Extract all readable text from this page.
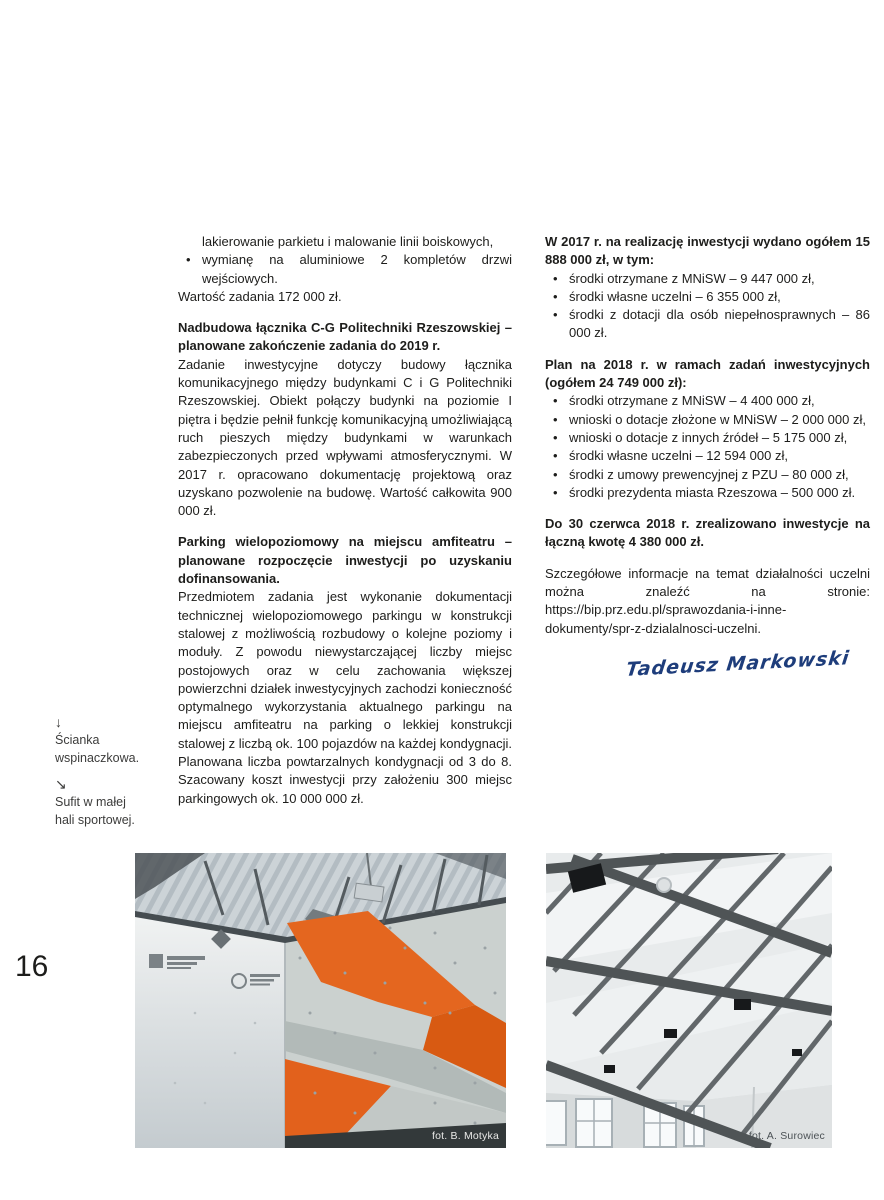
16
↓
Ścianka wspinaczkowa.
↘
Sufit w małej hali sportowej.
lakierowanie parkietu i malowanie linii boiskowych,
•
wymianę na aluminiowe 2 kompletów drzwi wejściowych.

Wartość zadania 172 000 zł.

Nadbudowa łącznika C-G Politechniki Rzeszowskiej – planowane zakończenie zadania do 2019 r.

Zadanie inwestycyjne dotyczy budowy łącznika komunikacyjnego między budynkami C i G Politechniki Rzeszowskiej. Obiekt połączy budynki na poziomie I piętra i będzie pełnił funkcję komunikacyjną umożliwiającą ruch pieszych między budynkami w warunkach zabezpieczonych przed wpływami atmosferycznymi. W 2017 r. opracowano dokumentację projektową oraz uzyskano pozwolenie na budowę. Wartość całkowita 900 000 zł.

Parking wielopoziomowy na miejscu amfiteatru – planowane rozpoczęcie inwestycji po uzyskaniu dofinansowania.

Przedmiotem zadania jest wykonanie dokumentacji technicznej wielopoziomowego parkingu w konstrukcji stalowej z możliwością rozbudowy o kolejne poziomy i moduły. Z powodu niewystarczającej liczby miejsc postojowych oraz w celu zachowania większej powierzchni działek inwestycyjnych zachodzi konieczność optymalnego wykorzystania aktualnego parkingu na miejscu amfiteatru na parking o lekkiej konstrukcji stalowej z liczbą ok. 100 pojazdów na każdej kondygnacji. Planowana liczba powtarzalnych kondygnacji od 3 do 8. Szacowany koszt inwestycji przy założeniu 300 miejsc parkingowych ok. 10 000 000 zł.

W 2017 r. na realizację inwestycji wydano ogółem 15 888 000 zł, w tym:
•
środki otrzymane z MNiSW – 9 447 000 zł,
•
środki własne uczelni – 6 355 000 zł,
•
środki z dotacji dla osób niepełnosprawnych – 86 000 zł.
Plan na 2018 r. w ramach zadań inwestycyjnych (ogółem 24 749 000 zł):
•
środki otrzymane z MNiSW – 4 400 000 zł,
•
wnioski o dotacje złożone w MNiSW – 2 000 000 zł,
•
wnioski o dotacje z innych źródeł – 5 175 000 zł,
•
środki własne uczelni – 12 594 000 zł,
•
środki z umowy prewencyjnej z PZU – 80 000 zł,
•
środki prezydenta miasta Rzeszowa – 500 000 zł.
Do 30 czerwca 2018 r. zrealizowano inwestycje na łączną kwotę 4 380 000 zł.

Szczegółowe informacje na temat działalności uczelni można znaleźć na stronie: https://bip.prz.edu.pl/sprawozdania-i-inne-dokumenty/spr-z-dzialalnosci-uczelni.

Tadeusz Markowski
fot. B. Motyka	fot. A. Surowiec
